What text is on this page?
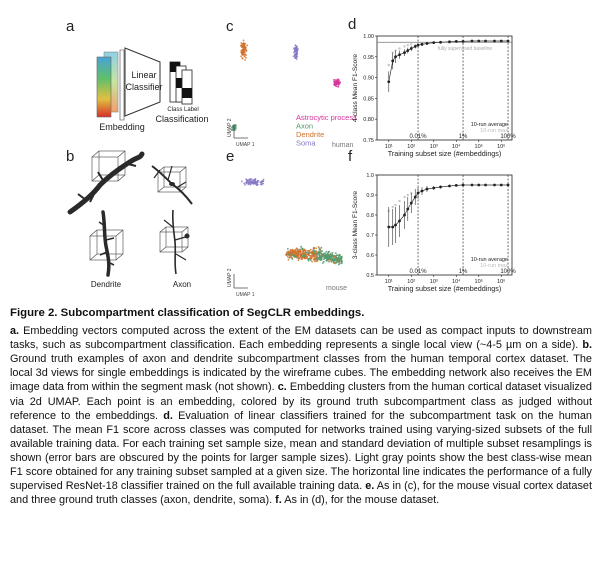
a
b
c
e
d
f
Linear
Classifier
Embedding
Class Label
Classification
Dendrite	Axon
UMAP 1
UMAP 2
Astrocytic process
Axon
Dendrite
Soma human
UMAP 1
UMAP 2
mouse
0.75
0.80
0.85
0.90
0.95
1.00
10¹	10²	10³	10⁴	10⁵	10⁶
Training subset size (#embeddings)
4-class Mean F1-Score
0.01%	1%	100%
fully supervised baseline
10-run average
10-run max
0.5
0.6
0.7
0.8
0.9
1.0
10¹	10²	10³	10⁴	10⁵	10⁶
Training subset size (#embeddings)
3-class Mean F1-Score
0.01%	1%	100%
10-run average
10-run max
Figure 2. Subcompartment classification of SegCLR embeddings.
a. Embedding vectors computed across the extent of the EM datasets can be used as compact inputs to downstream tasks, such as subcompartment classification. Each embedding represents a single local view (~4-5 µm on a side). b. Ground truth examples of axon and dendrite subcompartment classes from the human temporal cortex dataset. The local 3d views for single embeddings is indicated by the wireframe cubes. The embedding network also receives the EM image data from within the segment mask (not shown). c. Embedding clusters from the human cortical dataset visualized via 2d UMAP. Each point is an embedding, colored by its ground truth subcompartment class as judged without reference to the embeddings. d. Evaluation of linear classifiers trained for the subcompartment task on the human dataset. The mean F1 score across classes was computed for networks trained using varying-sized subsets of the full available training data. For each training set sample size, mean and standard deviation of multiple subset resamplings is shown (error bars are obscured by the points for larger sample sizes). Light gray points show the best class-wise mean F1 score obtained for any training subset sampled at a given size. The horizontal line indicates the performance of a fully supervised ResNet-18 classifier trained on the full available training data. e. As in (c), for the mouse visual cortex dataset and three ground truth classes (axon, dendrite, soma). f. As in (d), for the mouse dataset.
